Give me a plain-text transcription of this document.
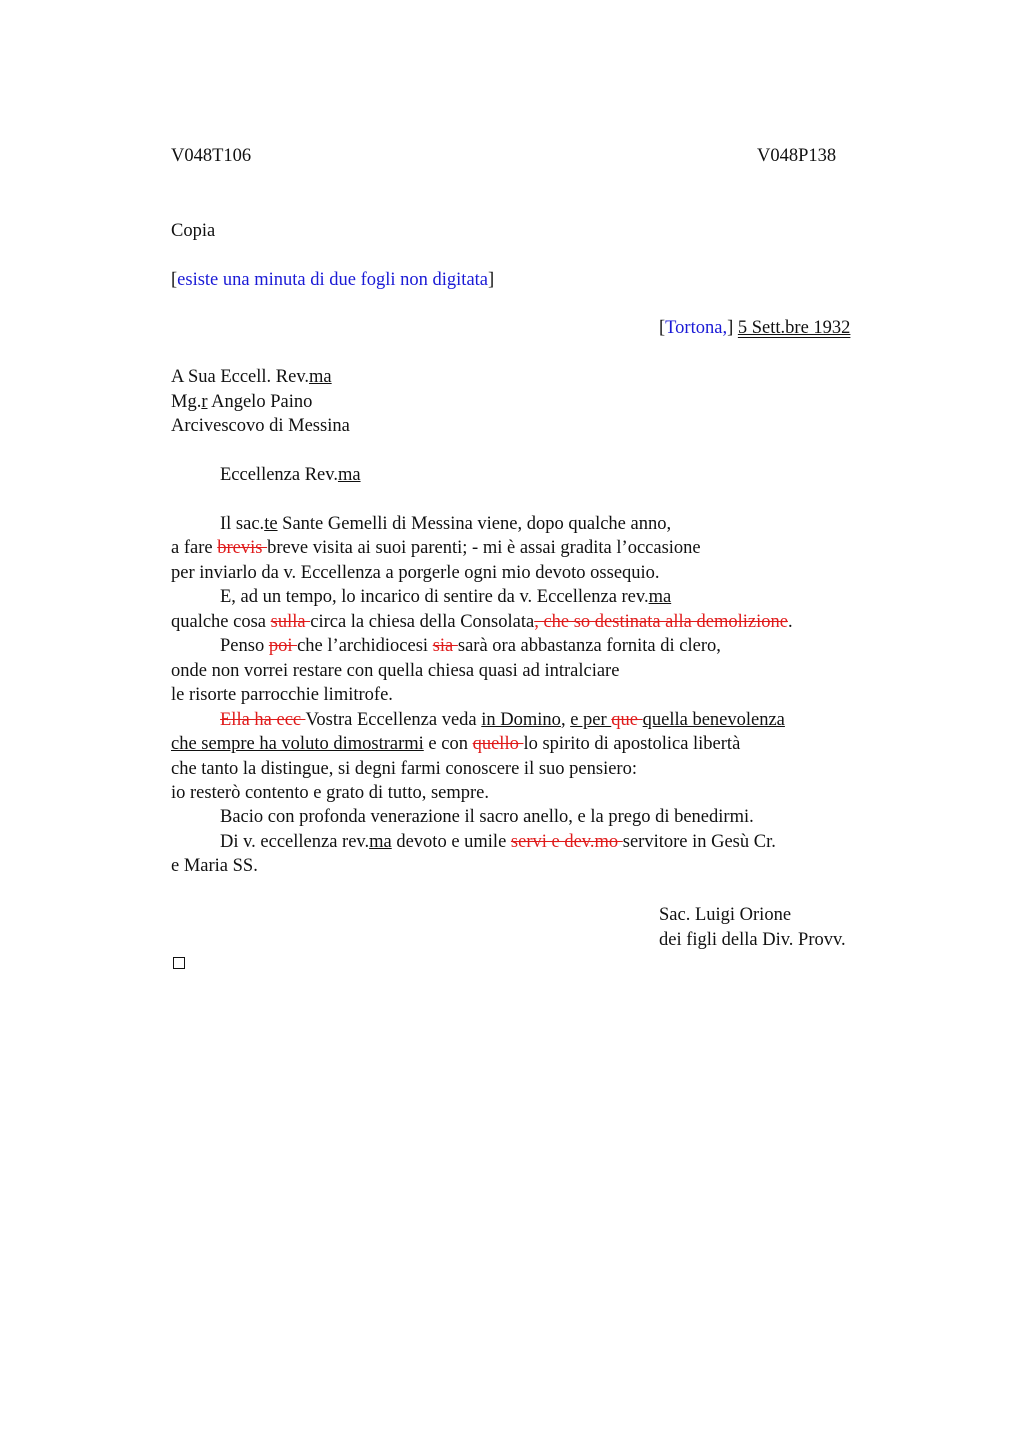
V048T106	V048P138
Copia
[esiste una minuta di due fogli non digitata]
[Tortona,] 5 Sett.bre 1932
A Sua Eccell. Rev.ma
Mg.r Angelo Paino
Arcivescovo di Messina
Eccellenza Rev.ma
Il sac.te Sante Gemelli di Messina viene, dopo qualche anno,
a fare brevis breve visita ai suoi parenti; - mi è assai gradita l’occasione
per inviarlo da v. Eccellenza a porgerle ogni mio devoto ossequio.
E, ad un tempo, lo incarico di sentire da v. Eccellenza rev.ma
qualche cosa sulla circa la chiesa della Consolata, che so destinata alla demolizione.
Penso poi che l’archidiocesi sia sarà ora abbastanza fornita di clero,
onde non vorrei restare con quella chiesa quasi ad intralciare
le risorte parrocchie limitrofe.
Ella ha ecc Vostra Eccellenza veda in Domino, e per que quella benevolenza
che sempre ha voluto dimostrarmi e con quello lo spirito di apostolica libertà
che tanto la distingue, si degni farmi conoscere il suo pensiero:
io resterò contento e grato di tutto, sempre.
Bacio con profonda venerazione il sacro anello, e la prego di benedirmi.
Di v. eccellenza rev.ma devoto e umile servi e dev.mo servitore in Gesù Cr.
e Maria SS.
Sac. Luigi Orione
dei figli della Div. Provv.
